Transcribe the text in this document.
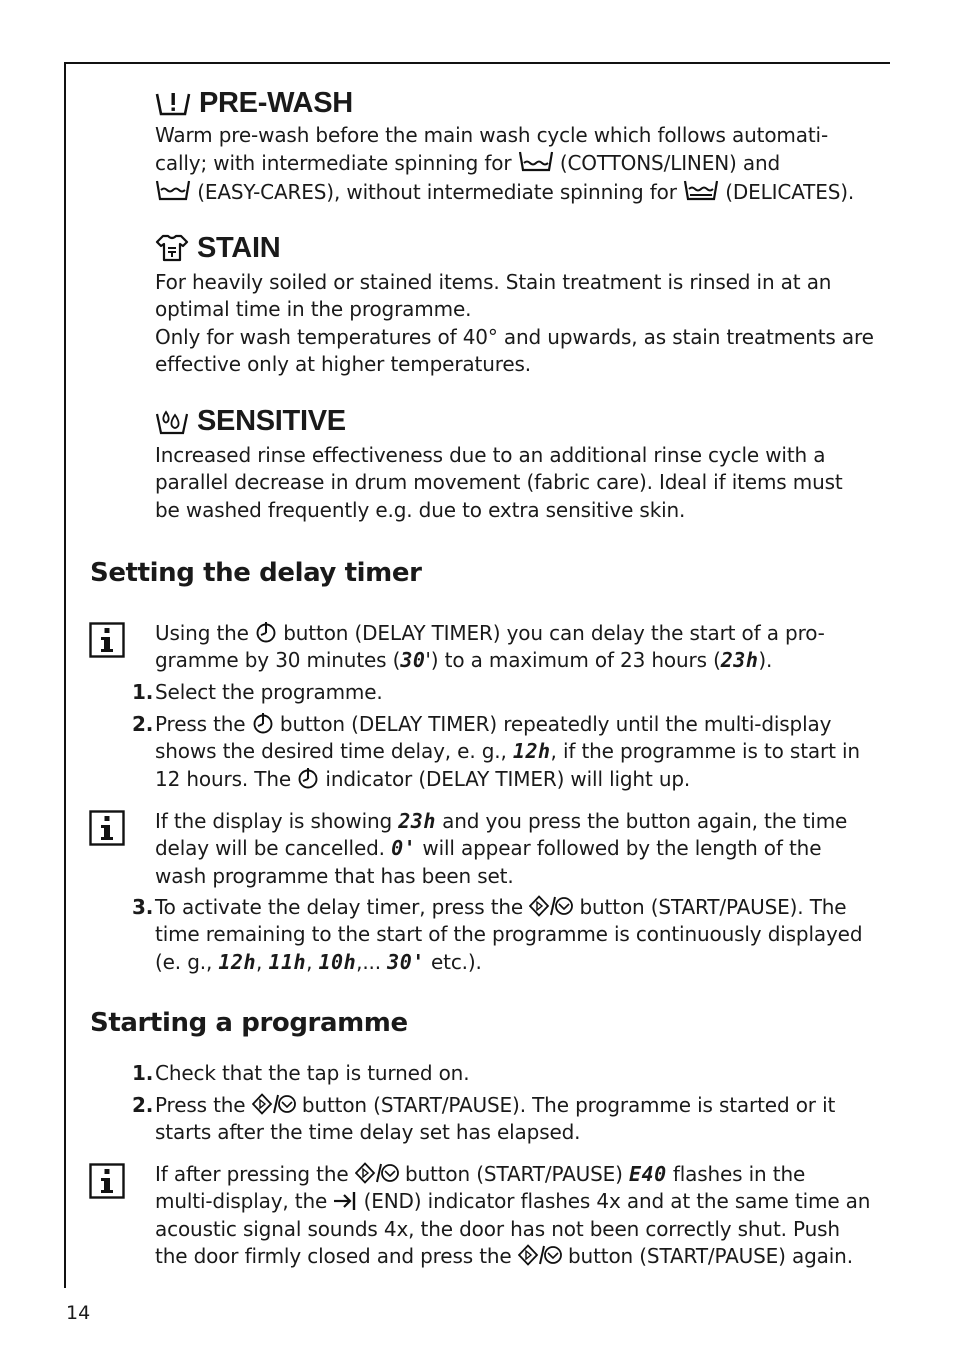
PRE-WASH

Warm pre-wash before the main wash cycle which follows automati-

cally; with intermediate spinning for  (COTTONS/LINEN) and

(EASY-CARES), without intermediate spinning for  (DELICATES).

STAIN

For heavily soiled or stained items. Stain treatment is rinsed in at an

optimal time in the programme.

Only for wash temperatures of 40° and upwards, as stain treatments are

effective only at higher temperatures.

SENSITIVE

Increased rinse effectiveness due to an additional rinse cycle with a

parallel decrease in drum movement (fabric care). Ideal if items must

be washed frequently e.g. due to extra sensitive skin.

Setting the delay timer

Using the  button (DELAY TIMER) you can delay the start of a pro-

gramme by 30 minutes (30') to a maximum of 23 hours (23h).

1. Select the programme.
2. Press the  button (DELAY TIMER) repeatedly until the multi-display
shows the desired time delay, e. g., 12h, if the programme is to start in
12 hours. The  indicator (DELAY TIMER) will light up.

If the display is showing 23h and you press the button again, the time

delay will be cancelled. 0' will appear followed by the length of the

wash programme that has been set.

3. To activate the delay timer, press the  button (START/PAUSE). The
time remaining to the start of the programme is continuously displayed
(e. g., 12h, 11h, 10h,... 30' etc.).
Starting a programme
1. Check that the tap is turned on.
2. Press the  button (START/PAUSE). The programme is started or it
starts after the time delay set has elapsed.

If after pressing the  button (START/PAUSE) E40 flashes in the

multi-display, the  (END) indicator flashes 4x and at the same time an

acoustic signal sounds 4x, the door has not been correctly shut. Push

the door firmly closed and press the  button (START/PAUSE) again.

14
